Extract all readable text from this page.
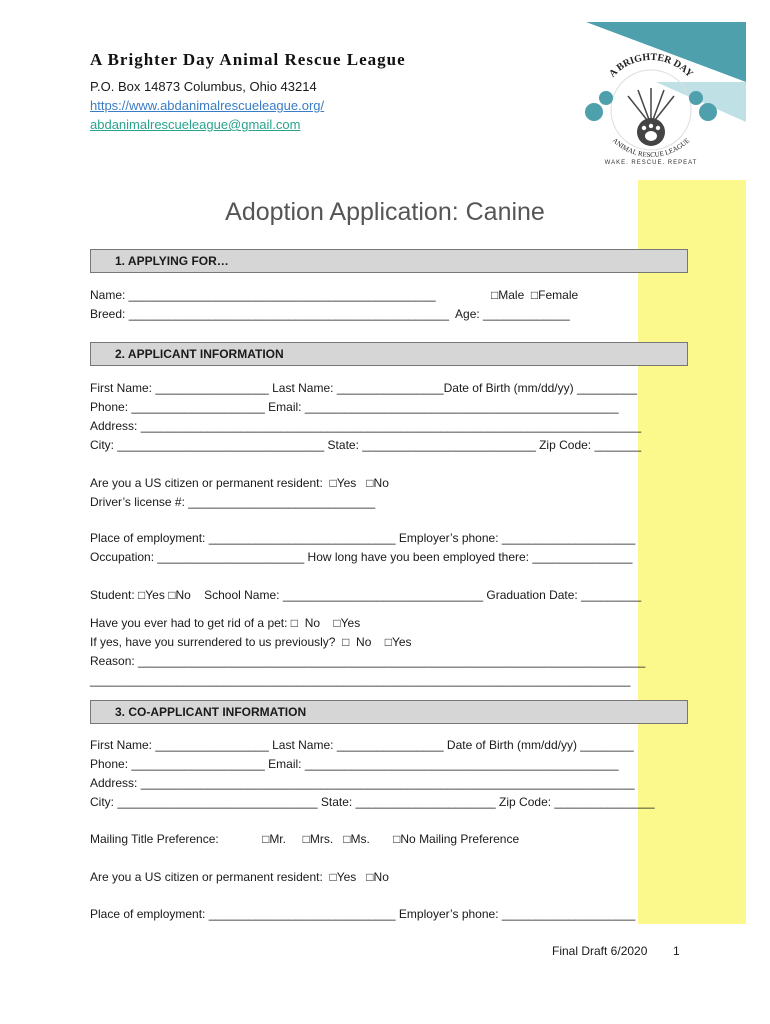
A Brighter Day Animal Rescue League
P.O. Box 14873 Columbus, Ohio 43214
https://www.abdanimalrescueleague.org/
abdanimalrescueleague@gmail.com
A BRIGHTER DAY
ANIMAL RESCUE LEAGUE
WAKE. RESCUE. REPEAT
Adoption Application: Canine
1. APPLYING FOR…
Name: ______________________________________________	□Male  □Female
Breed: ________________________________________________  Age: _____________
2. APPLICANT INFORMATION
First Name: _________________ Last Name: ________________Date of Birth (mm/dd/yy) _________
Phone: ____________________ Email: _______________________________________________
Address: ___________________________________________________________________________
City: _______________________________ State: __________________________ Zip Code: _______
Are you a US citizen or permanent resident:  □Yes   □No
Driver’s license #: ____________________________
Place of employment: ____________________________ Employer’s phone: ____________________
Occupation: ______________________ How long have you been employed there: _______________
Student: □Yes □No    School Name: ______________________________ Graduation Date: _________
Have you ever had to get rid of a pet: □  No    □Yes
If yes, have you surrendered to us previously?  □  No    □Yes
Reason: ____________________________________________________________________________
_________________________________________________________________________________
3. CO-APPLICANT INFORMATION
First Name: _________________ Last Name: ________________ Date of Birth (mm/dd/yy) ________
Phone: ____________________ Email: _______________________________________________
Address: __________________________________________________________________________
City: ______________________________ State: _____________________ Zip Code: _______________
Mailing Title Preference:             □Mr.     □Mrs.   □Ms.       □No Mailing Preference
Are you a US citizen or permanent resident:  □Yes   □No
Place of employment: ____________________________ Employer’s phone: ____________________
Final Draft 6/2020 1
